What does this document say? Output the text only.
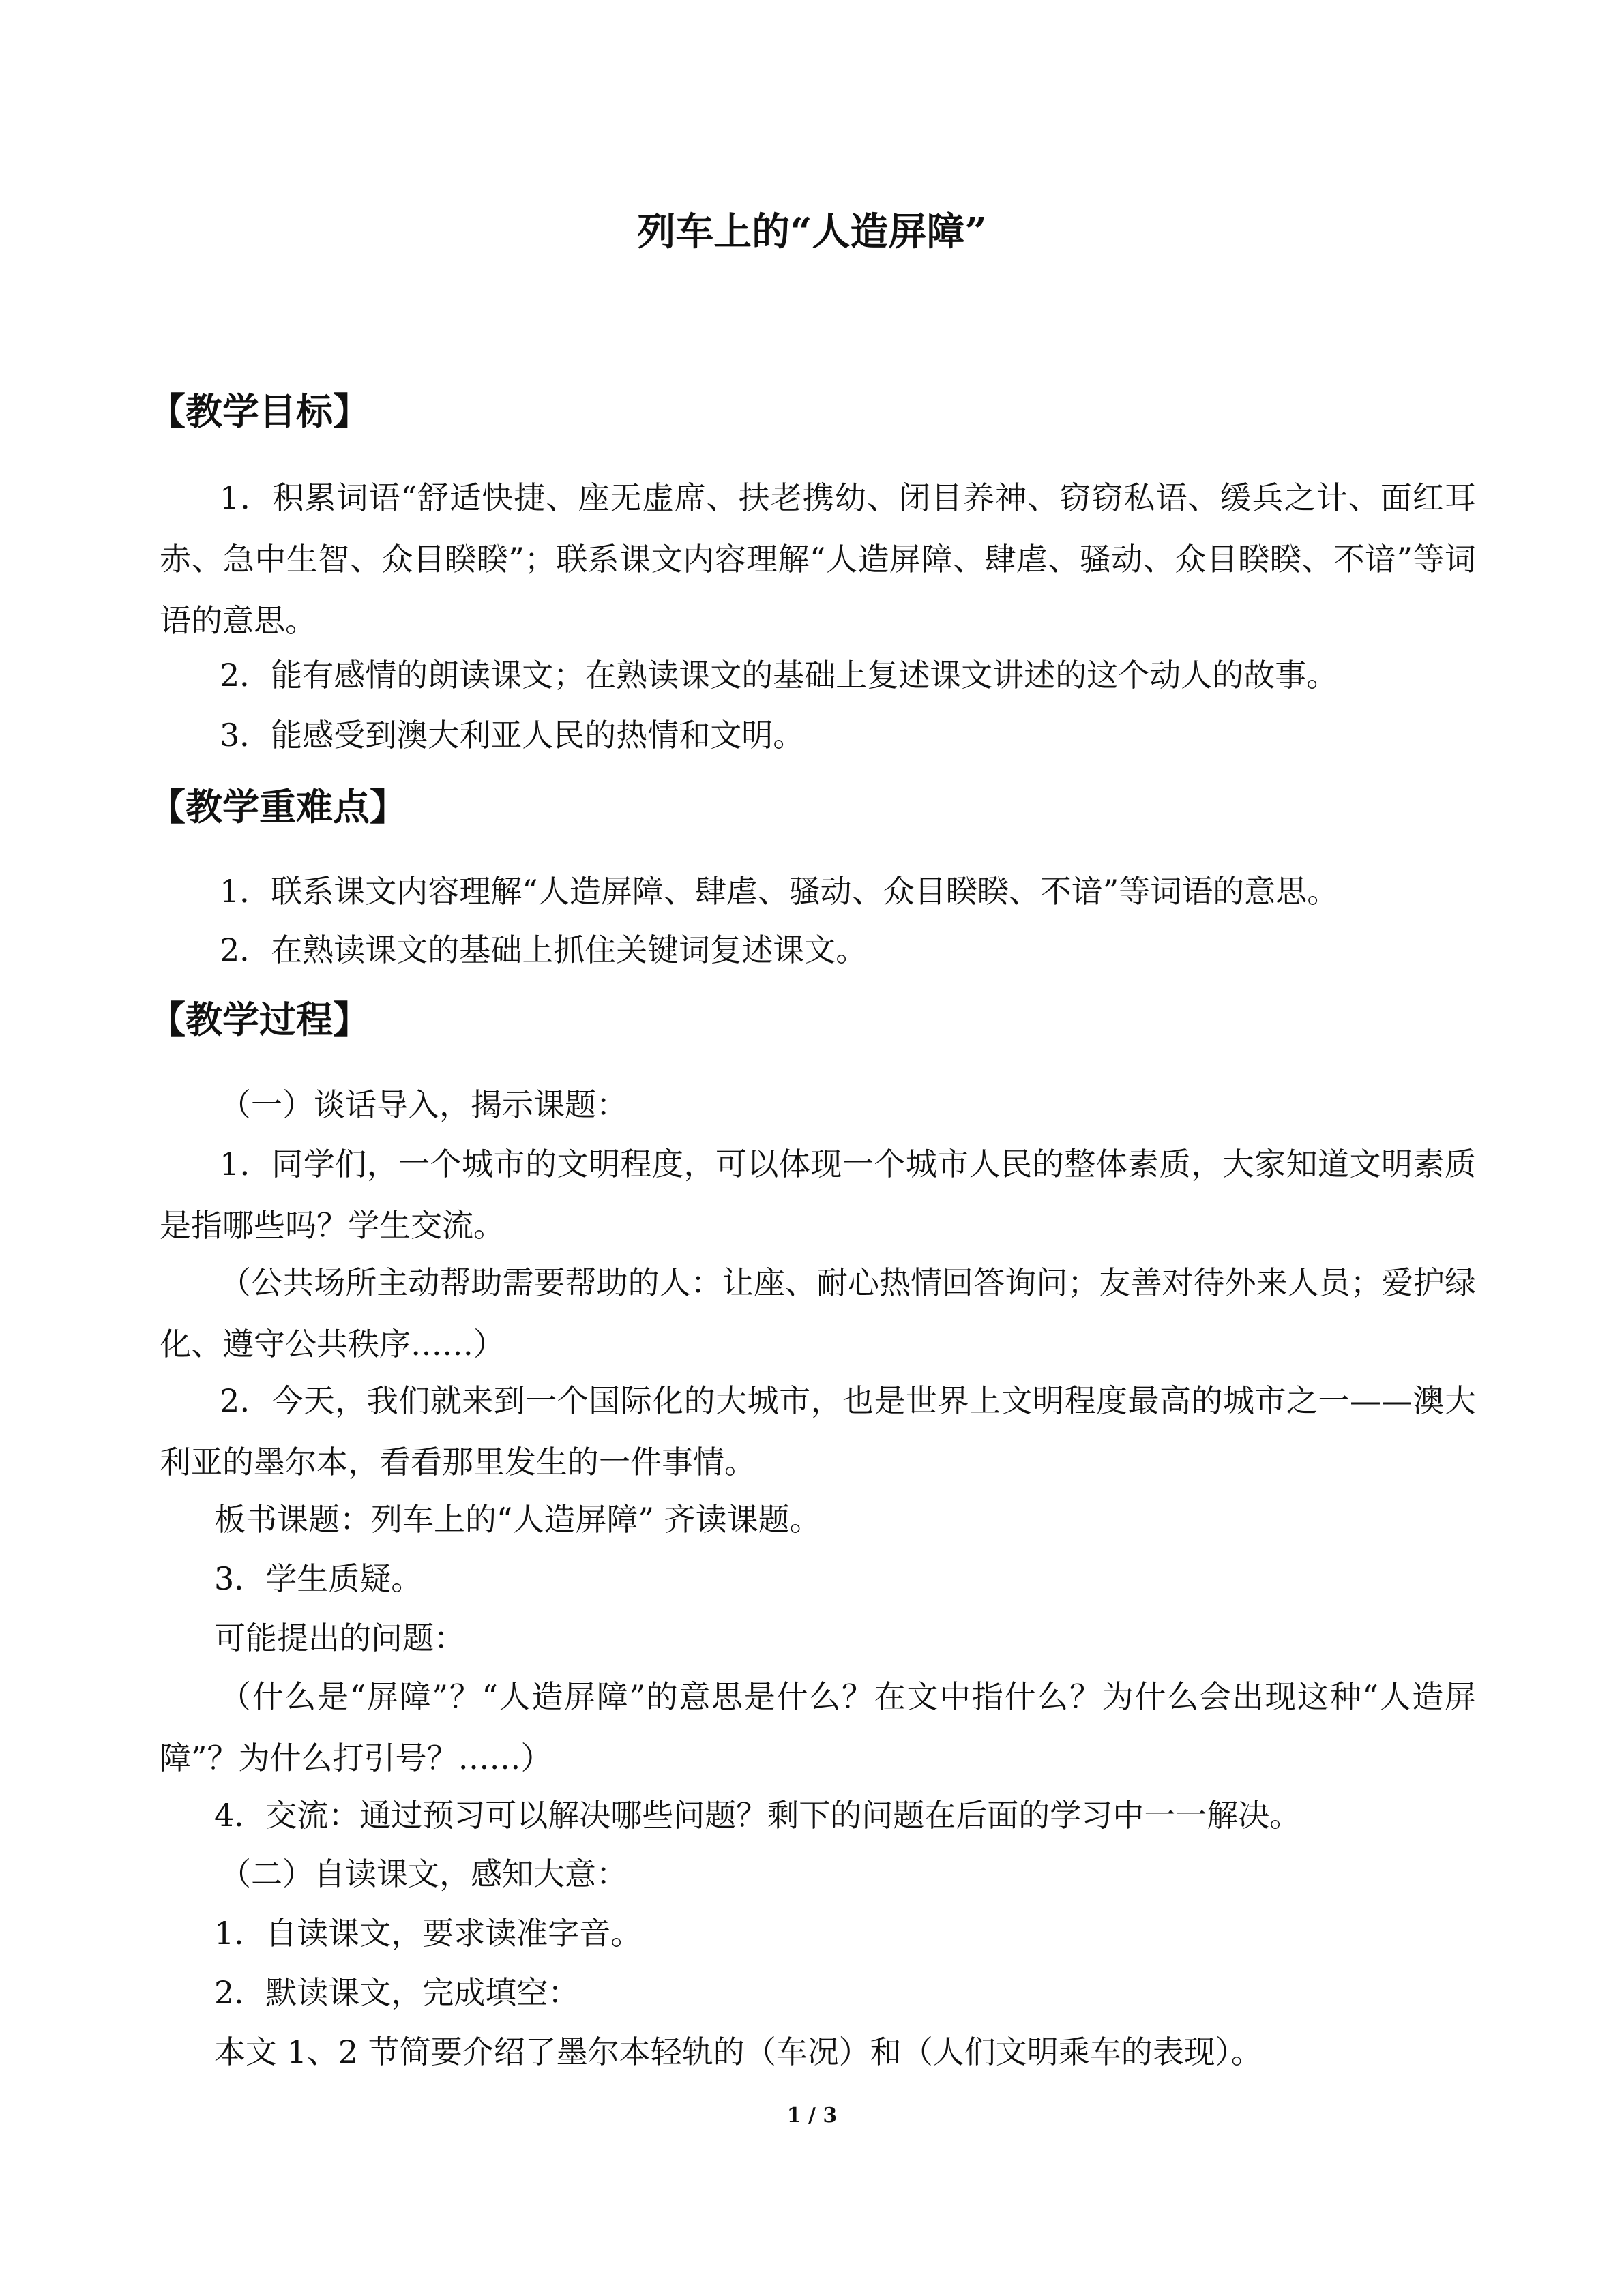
列车上的“人造屏障”
【教学目标】
1．积累词语“舒适快捷、座无虚席、扶老携幼、闭目养神、窃窃私语、缓兵之计、面红耳赤、急中生智、众目睽睽”；联系课文内容理解“人造屏障、肆虐、骚动、众目睽睽、不谙”等词语的意思。
2．能有感情的朗读课文；在熟读课文的基础上复述课文讲述的这个动人的故事。
3．能感受到澳大利亚人民的热情和文明。
【教学重难点】
1．联系课文内容理解“人造屏障、肆虐、骚动、众目睽睽、不谙”等词语的意思。
2．在熟读课文的基础上抓住关键词复述课文。
【教学过程】
（一）谈话导入，揭示课题：
1．同学们，一个城市的文明程度，可以体现一个城市人民的整体素质，大家知道文明素质是指哪些吗？学生交流。
（公共场所主动帮助需要帮助的人：让座、耐心热情回答询问；友善对待外来人员；爱护绿化、遵守公共秩序……）
2．今天，我们就来到一个国际化的大城市，也是世界上文明程度最高的城市之一——澳大利亚的墨尔本，看看那里发生的一件事情。
板书课题：列车上的“人造屏障” 齐读课题。
3．学生质疑。
可能提出的问题：
（什么是“屏障”？“人造屏障”的意思是什么？在文中指什么？为什么会出现这种“人造屏障”？为什么打引号？……）
4．交流：通过预习可以解决哪些问题？剩下的问题在后面的学习中一一解决。
（二）自读课文，感知大意：
1．自读课文，要求读准字音。
2．默读课文，完成填空：
本文 1、2 节简要介绍了墨尔本轻轨的（车况）和（人们文明乘车的表现）。
1 / 3
